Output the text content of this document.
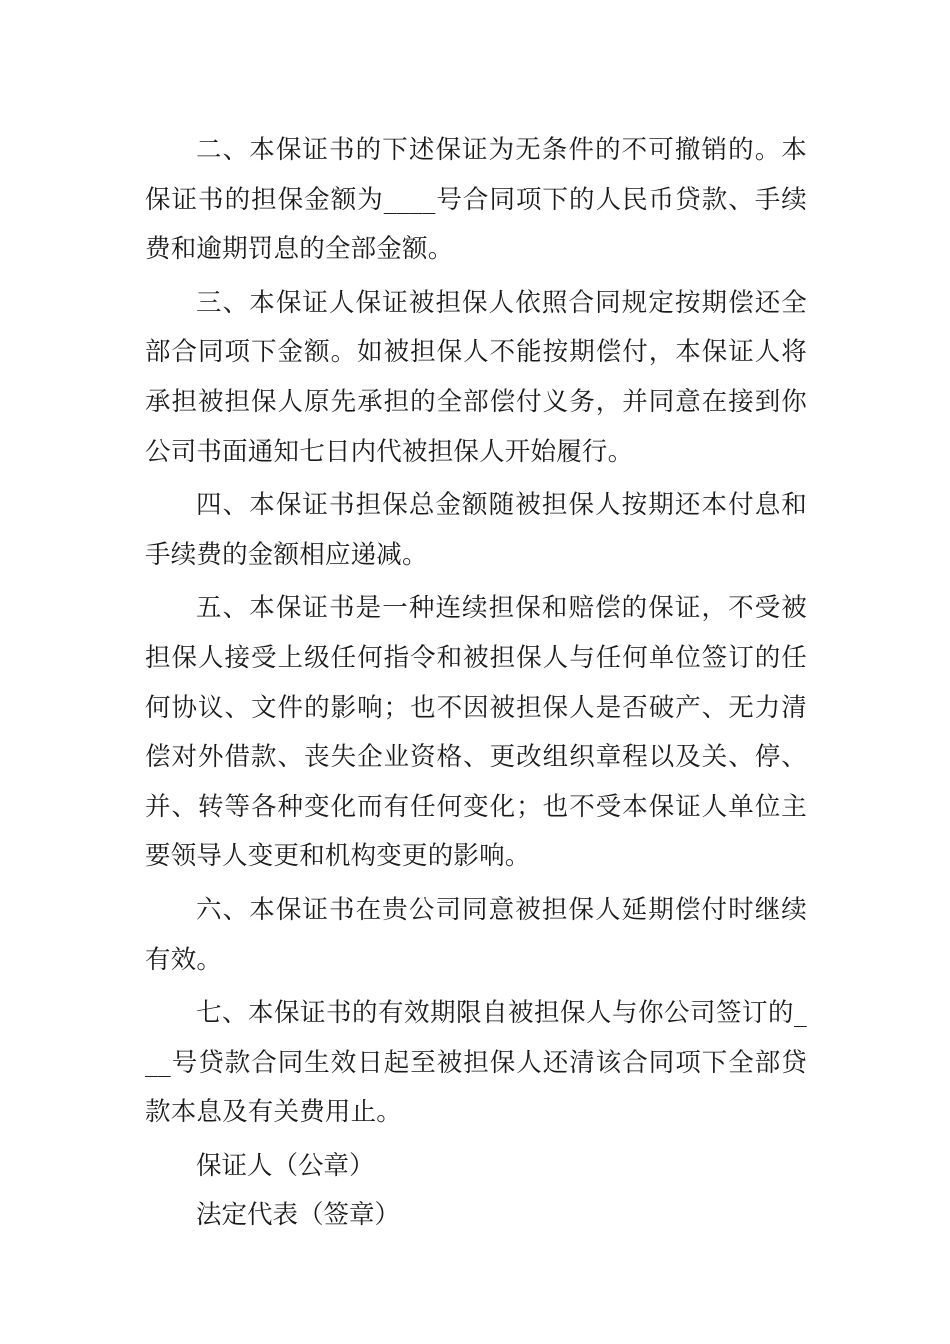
二、本保证书的下述保证为无条件的不可撤销的。本保证书的担保金额为____号合同项下的人民币贷款、手续费和逾期罚息的全部金额。

三、本保证人保证被担保人依照合同规定按期偿还全部合同项下金额。如被担保人不能按期偿付，本保证人将承担被担保人原先承担的全部偿付义务，并同意在接到你公司书面通知七日内代被担保人开始履行。

四、本保证书担保总金额随被担保人按期还本付息和手续费的金额相应递减。

五、本保证书是一种连续担保和赔偿的保证，不受被担保人接受上级任何指令和被担保人与任何单位签订的任何协议、文件的影响；也不因被担保人是否破产、无力清偿对外借款、丧失企业资格、更改组织章程以及关、停、并、转等各种变化而有任何变化；也不受本保证人单位主要领导人变更和机构变更的影响。

六、本保证书在贵公司同意被担保人延期偿付时继续有效。

七、本保证书的有效期限自被担保人与你公司签订的___号贷款合同生效日起至被担保人还清该合同项下全部贷款本息及有关费用止。

保证人（公章）

法定代表（签章）
